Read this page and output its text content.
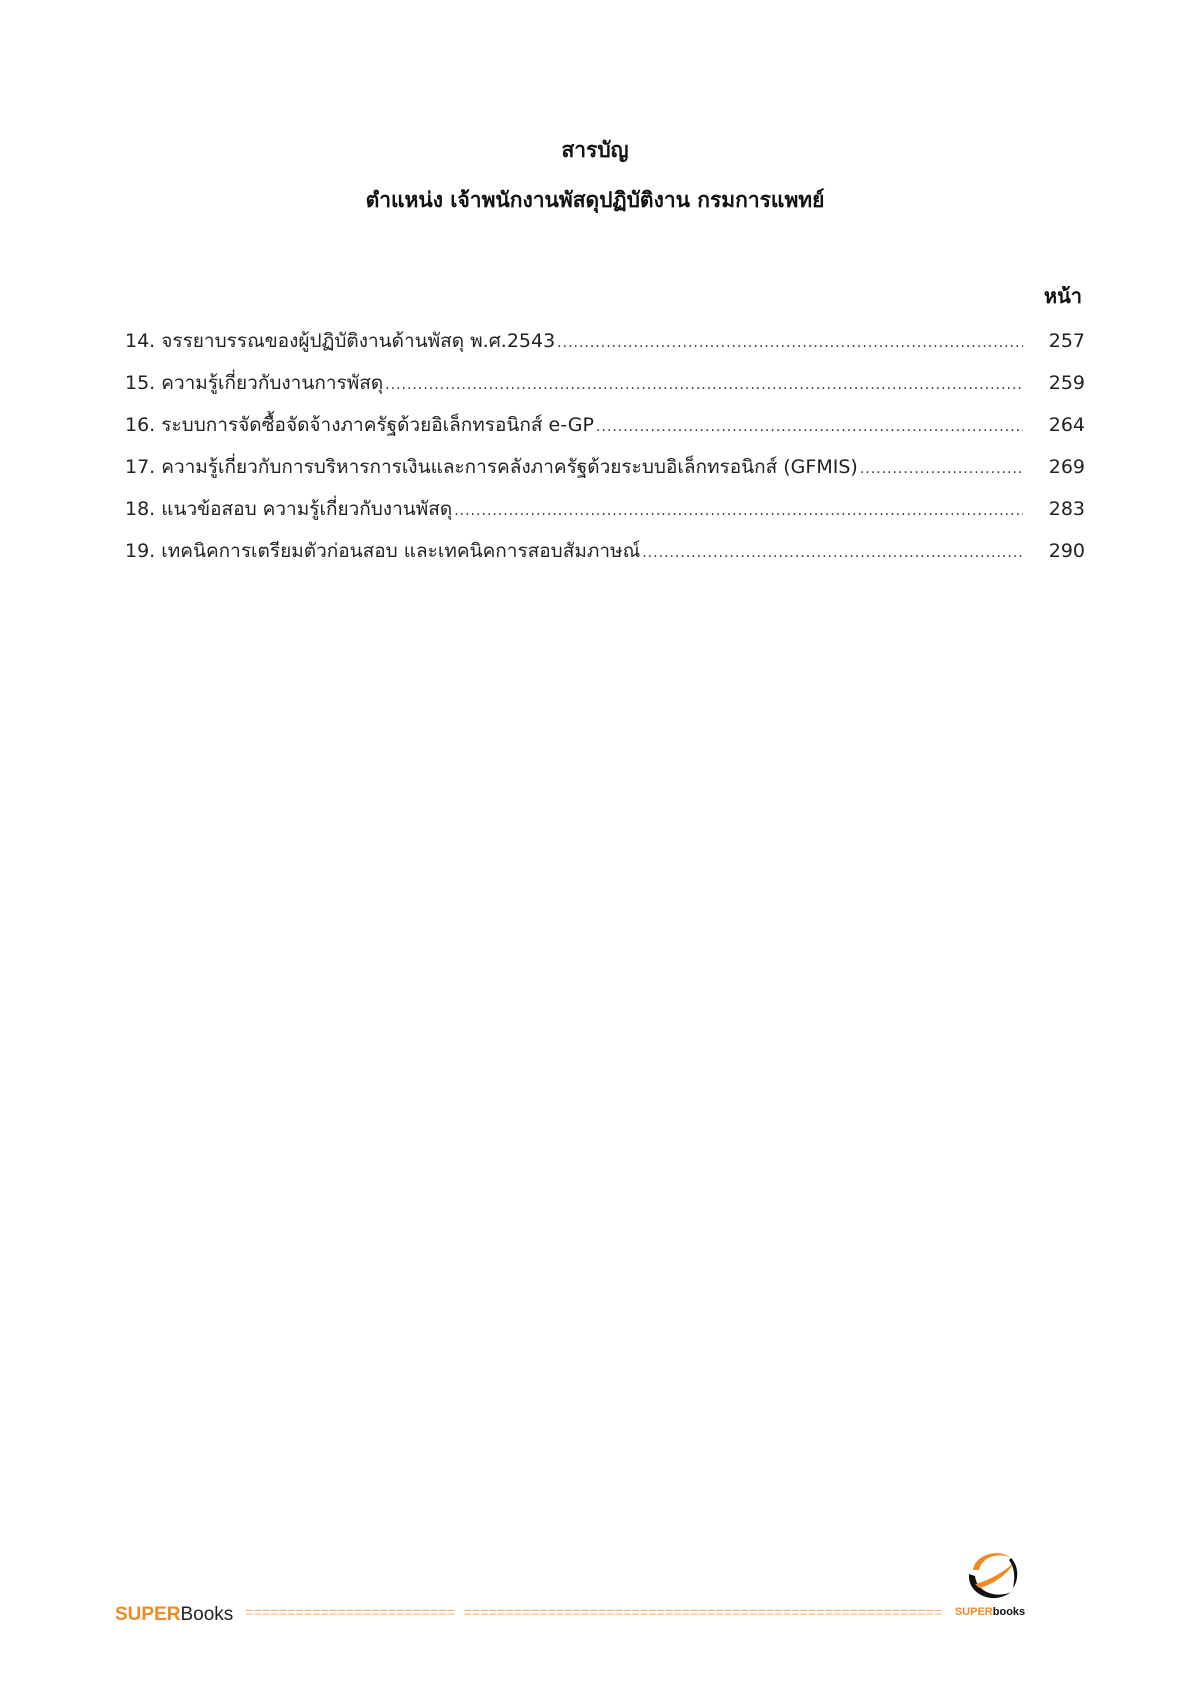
สารบัญ
ตำแหน่ง เจ้าพนักงานพัสดุปฏิบัติงาน กรมการแพทย์
หน้า
14. จรรยาบรรณของผู้ปฏิบัติงานด้านพัสดุ พ.ศ.2543 .....	257
15. ความรู้เกี่ยวกับงานการพัสดุ .....	259
16. ระบบการจัดซื้อจัดจ้างภาครัฐด้วยอิเล็กทรอนิกส์ e-GP .....	264
17. ความรู้เกี่ยวกับการบริหารการเงินและการคลังภาครัฐด้วยระบบอิเล็กทรอนิกส์ (GFMIS) .....	269
18. แนวข้อสอบ ความรู้เกี่ยวกับงานพัสดุ .....	283
19. เทคนิคการเตรียมตัวก่อนสอบ และเทคนิคการสอบสัมภาษณ์ .....	290
SUPERBooks =====	SUPERbooks
